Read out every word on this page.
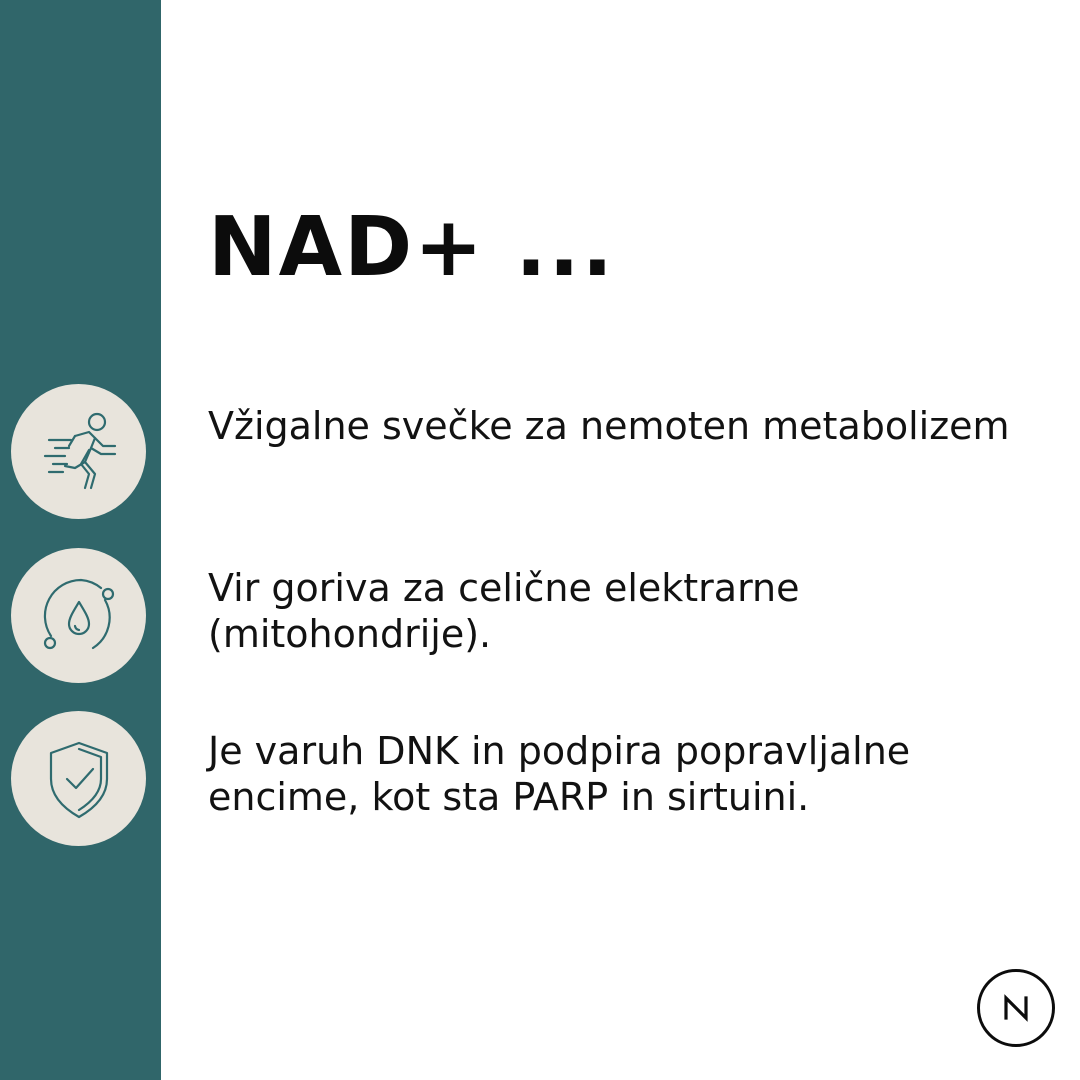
NAD+ ...

Vžigalne svečke za nemoten metabolizem

Vir goriva za celične elektrarne (mitohondrije).

Je varuh DNK in podpira popravljalne encime, kot sta PARP in sirtuini.
